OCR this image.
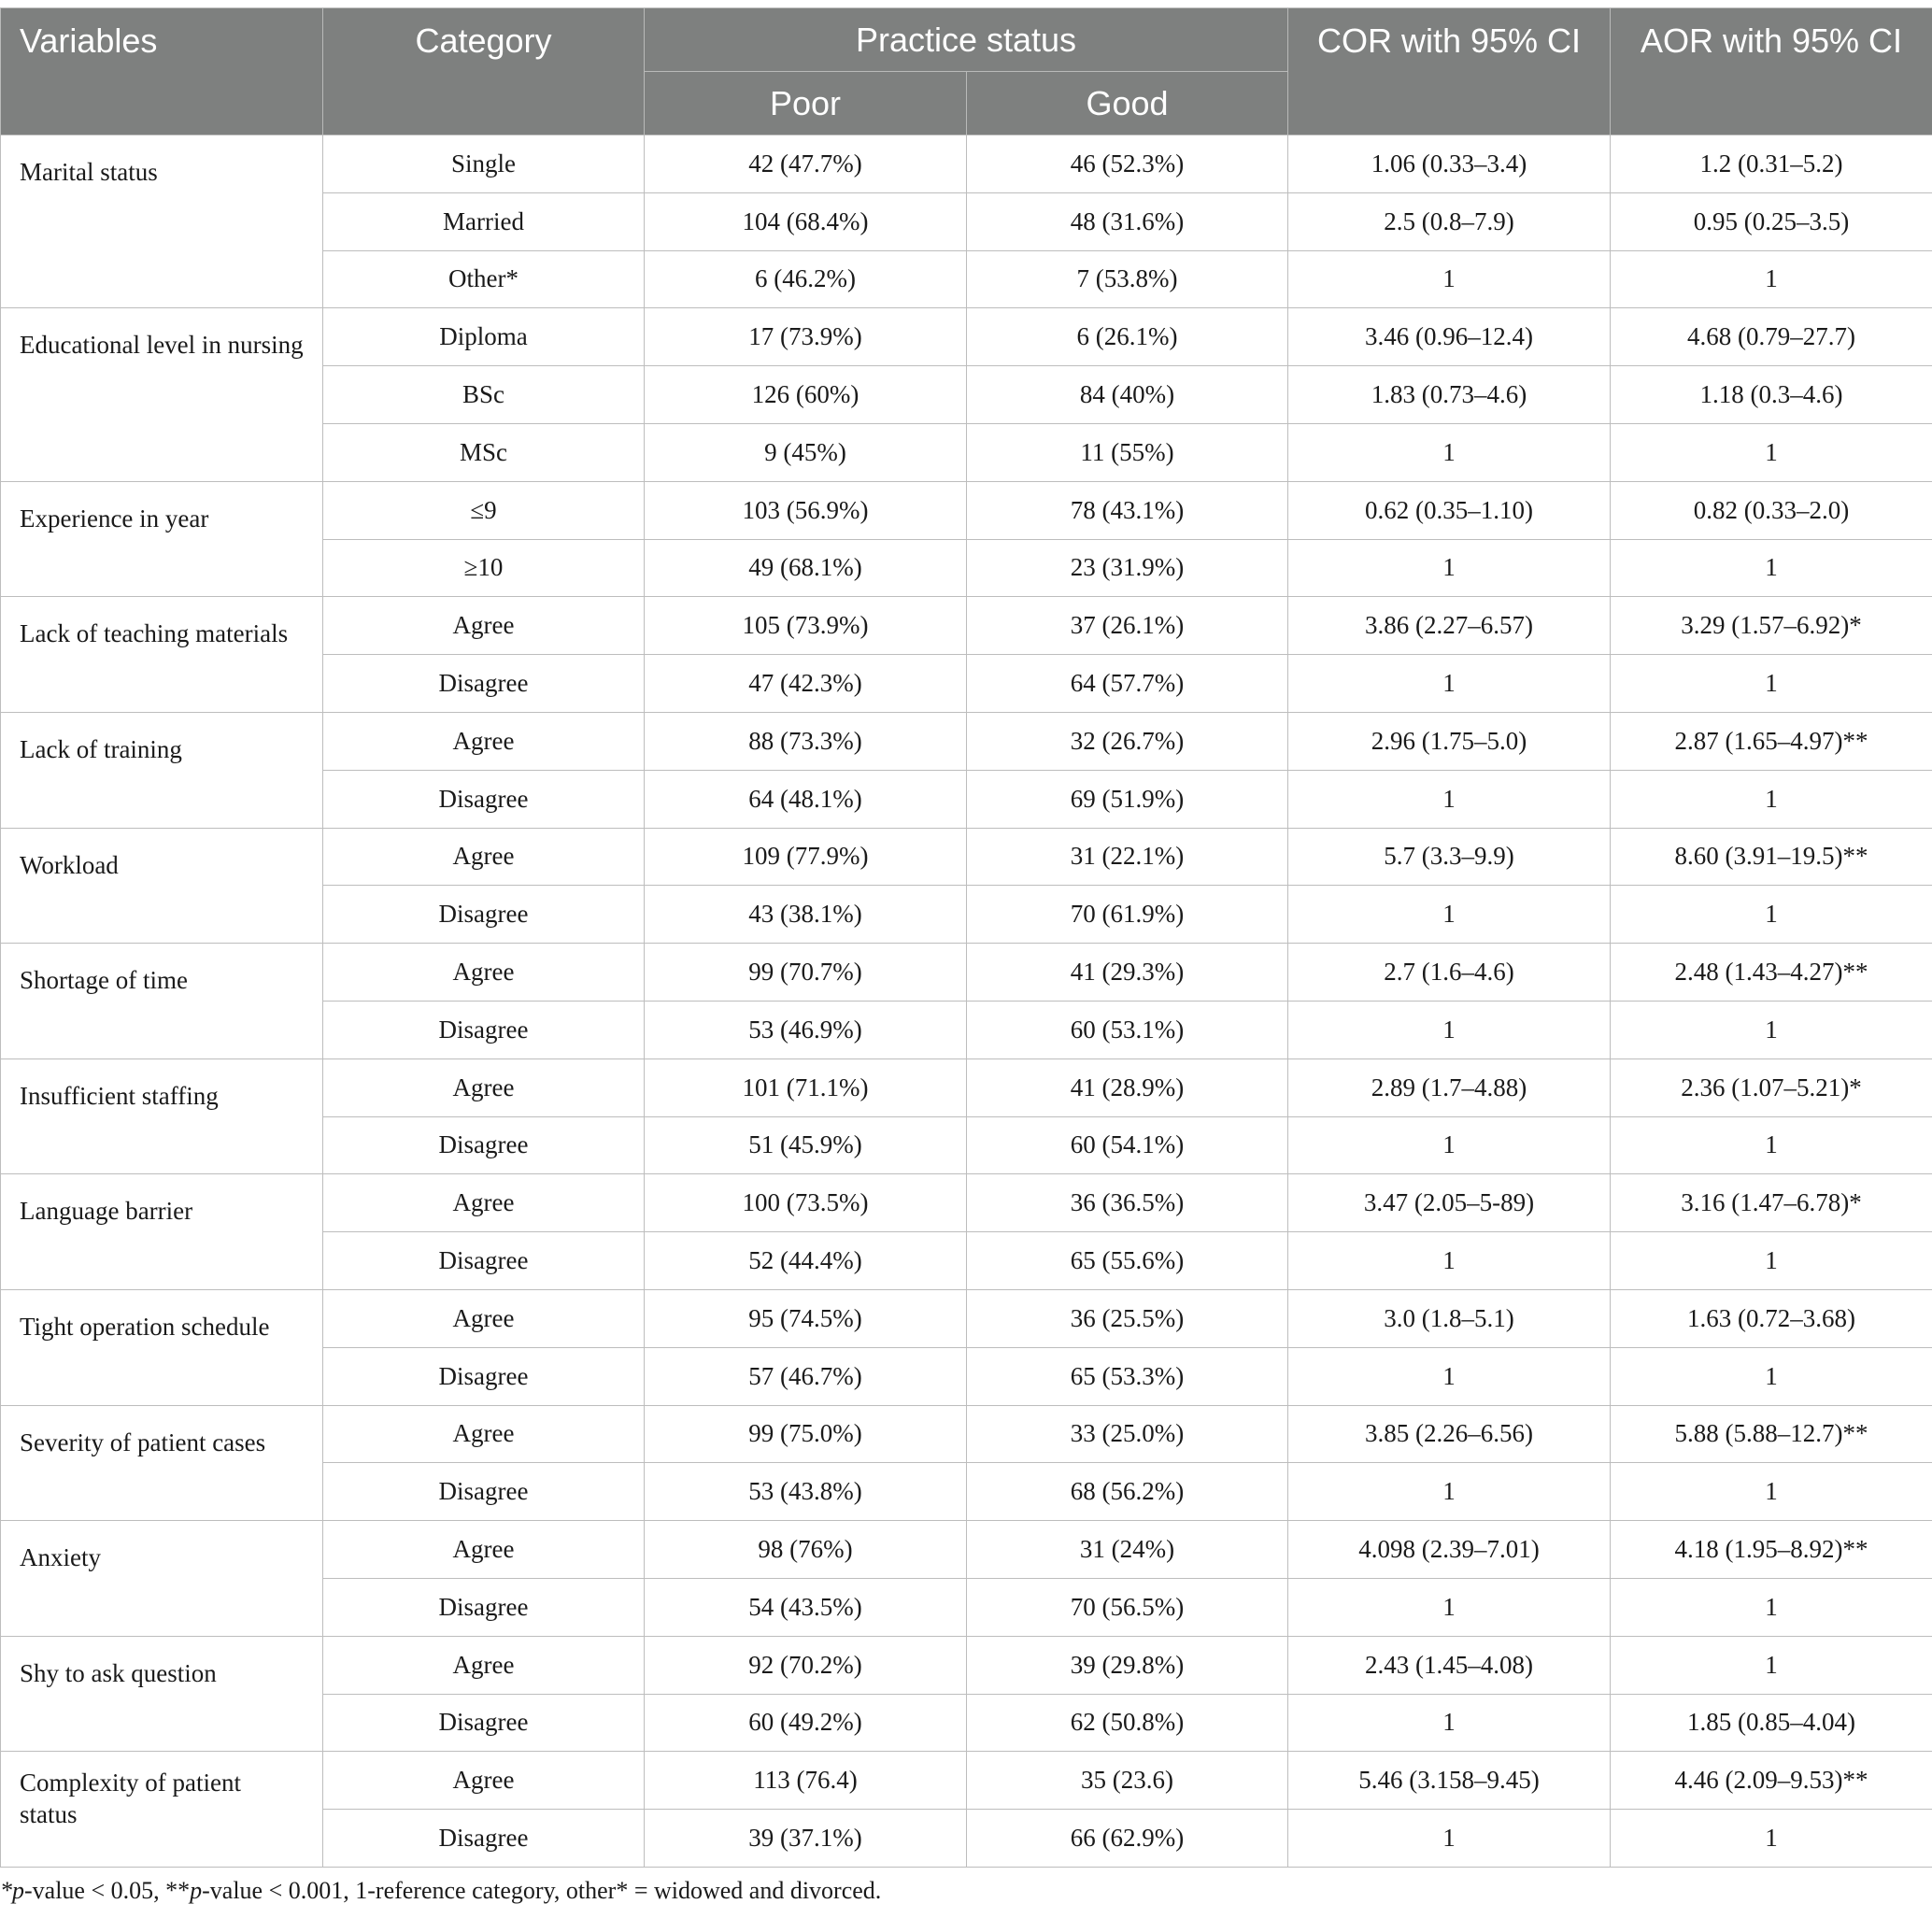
Variables	Category	Practice status		COR with 95% CI	AOR with 95% CI
		Poor	Good		
Marital status	Single	42 (47.7%)	46 (52.3%)	1.06 (0.33–3.4)	1.2 (0.31–5.2)
	Married	104 (68.4%)	48 (31.6%)	2.5 (0.8–7.9)	0.95 (0.25–3.5)
	Other*	6 (46.2%)	7 (53.8%)	1	1
Educational level in nursing	Diploma	17 (73.9%)	6 (26.1%)	3.46 (0.96–12.4)	4.68 (0.79–27.7)
	BSc	126 (60%)	84 (40%)	1.83 (0.73–4.6)	1.18 (0.3–4.6)
	MSc	9 (45%)	11 (55%)	1	1
Experience in year	≤9	103 (56.9%)	78 (43.1%)	0.62 (0.35–1.10)	0.82 (0.33–2.0)
	≥10	49 (68.1%)	23 (31.9%)	1	1
Lack of teaching materials	Agree	105 (73.9%)	37 (26.1%)	3.86 (2.27–6.57)	3.29 (1.57–6.92)*
	Disagree	47 (42.3%)	64 (57.7%)	1	1
Lack of training	Agree	88 (73.3%)	32 (26.7%)	2.96 (1.75–5.0)	2.87 (1.65–4.97)**
	Disagree	64 (48.1%)	69 (51.9%)	1	1
Workload	Agree	109 (77.9%)	31 (22.1%)	5.7 (3.3–9.9)	8.60 (3.91–19.5)**
	Disagree	43 (38.1%)	70 (61.9%)	1	1
Shortage of time	Agree	99 (70.7%)	41 (29.3%)	2.7 (1.6–4.6)	2.48 (1.43–4.27)**
	Disagree	53 (46.9%)	60 (53.1%)	1	1
Insufficient staffing	Agree	101 (71.1%)	41 (28.9%)	2.89 (1.7–4.88)	2.36 (1.07–5.21)*
	Disagree	51 (45.9%)	60 (54.1%)	1	1
Language barrier	Agree	100 (73.5%)	36 (36.5%)	3.47 (2.05–5-89)	3.16 (1.47–6.78)*
	Disagree	52 (44.4%)	65 (55.6%)	1	1
Tight operation schedule	Agree	95 (74.5%)	36 (25.5%)	3.0 (1.8–5.1)	1.63 (0.72–3.68)
	Disagree	57 (46.7%)	65 (53.3%)	1	1
Severity of patient cases	Agree	99 (75.0%)	33 (25.0%)	3.85 (2.26–6.56)	5.88 (5.88–12.7)**
	Disagree	53 (43.8%)	68 (56.2%)	1	1
Anxiety	Agree	98 (76%)	31 (24%)	4.098 (2.39–7.01)	4.18 (1.95–8.92)**
	Disagree	54 (43.5%)	70 (56.5%)	1	1
Shy to ask question	Agree	92 (70.2%)	39 (29.8%)	2.43 (1.45–4.08)	1
	Disagree	60 (49.2%)	62 (50.8%)	1	1.85 (0.85–4.04)
Complexity of patient status	Agree	113 (76.4)	35 (23.6)	5.46 (3.158–9.45)	4.46 (2.09–9.53)**
	Disagree	39 (37.1%)	66 (62.9%)	1	1
*p-value < 0.05, **p-value < 0.001, 1-reference category, other* = widowed and divorced.
